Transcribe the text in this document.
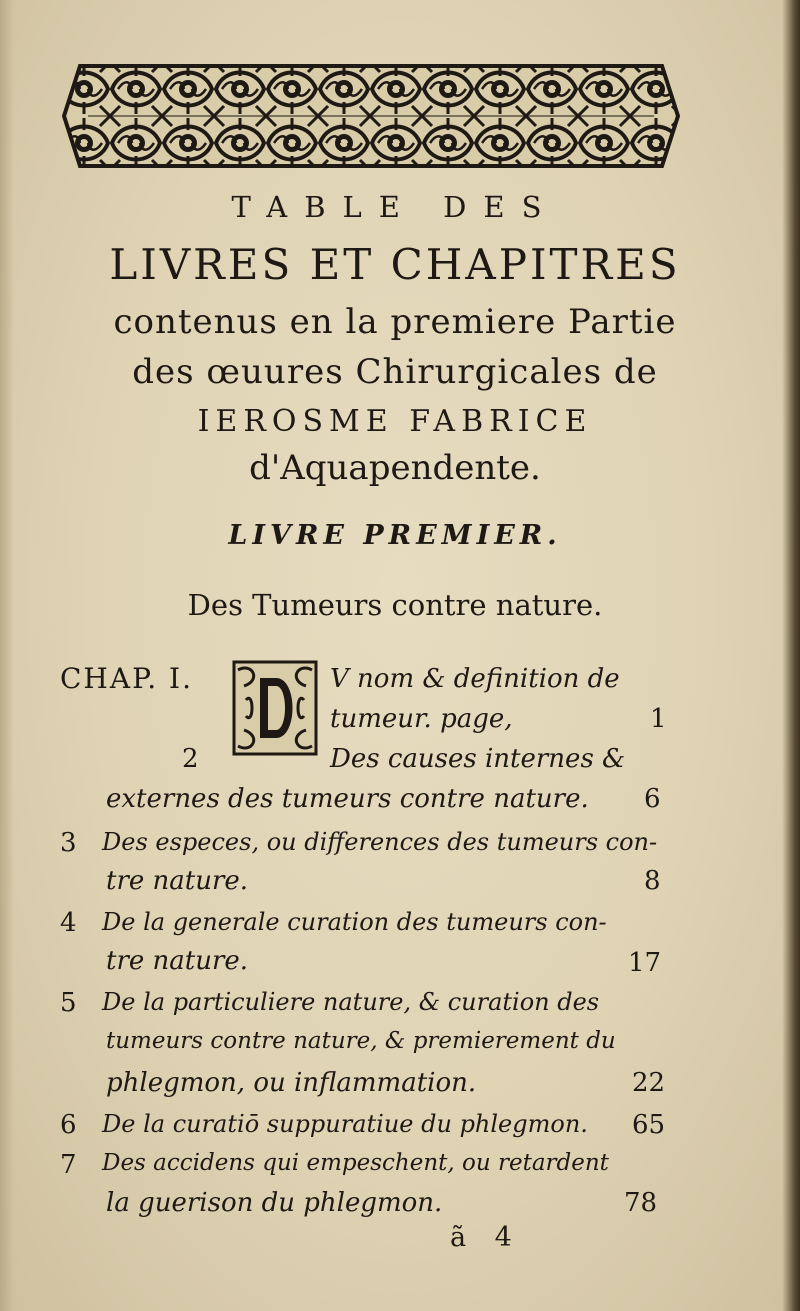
TABLE DES
LIVRES ET CHAPITRES
contenus en la premiere Partie
des œuures Chirurgicales de
IEROSME FABRICE
d'Aquapendente.
LIVRE PREMIER.
Des Tumeurs contre nature.
CHAP. I.	V nom & definition de
tumeur. page,	1
2	Des causes internes &
externes des tumeurs contre nature. 6
3 Des especes, ou differences des tumeurs con-
tre nature.	8
4 De la generale curation des tumeurs con-
tre nature.	17
5 De la particuliere nature, & curation des
tumeurs contre nature, & premierement du
phlegmon, ou inflammation.	22
6 De la curatiō suppuratiue du phlegmon. 65
7 Des accidens qui empeschent, ou retardent
la guerison du phlegmon.	78
ã 4
